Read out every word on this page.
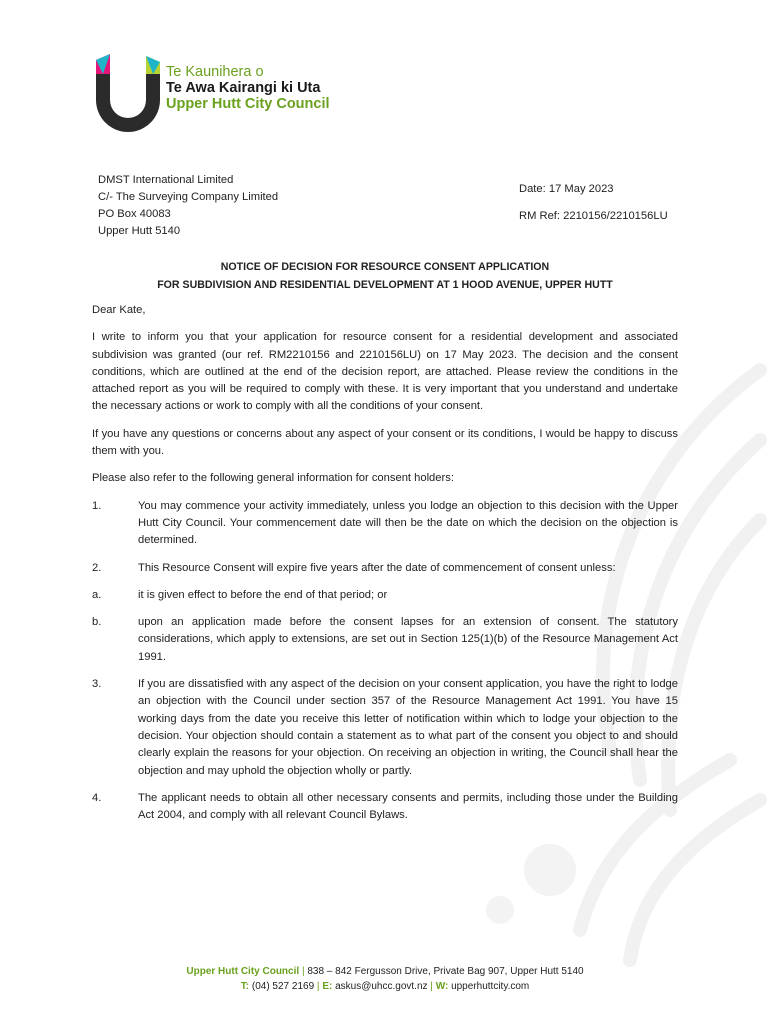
Te Kaunihera o
Te Awa Kairangi ki Uta
Upper Hutt City Council
DMST International Limited
C/- The Surveying Company Limited
PO Box 40083
Upper Hutt 5140
Date: 17 May 2023
RM Ref: 2210156/2210156LU
NOTICE OF DECISION FOR RESOURCE CONSENT APPLICATION
FOR SUBDIVISION AND RESIDENTIAL DEVELOPMENT AT 1 HOOD AVENUE, UPPER HUTT

Dear Kate,

I write to inform you that your application for resource consent for a residential development and associated subdivision was granted (our ref. RM2210156 and 2210156LU) on 17 May 2023. The decision and the consent conditions, which are outlined at the end of the decision report, are attached. Please review the conditions in the attached report as you will be required to comply with these. It is very important that you understand and undertake the necessary actions or work to comply with all the conditions of your consent.

If you have any questions or concerns about any aspect of your consent or its conditions, I would be happy to discuss them with you.

Please also refer to the following general information for consent holders:

1.	You may commence your activity immediately, unless you lodge an objection to this decision with the Upper Hutt City Council. Your commencement date will then be the date on which the decision on the objection is determined.
2.	This Resource Consent will expire five years after the date of commencement of consent unless:
a.	it is given effect to before the end of that period; or
b.	upon an application made before the consent lapses for an extension of consent. The statutory considerations, which apply to extensions, are set out in Section 125(1)(b) of the Resource Management Act 1991.
3.	If you are dissatisfied with any aspect of the decision on your consent application, you have the right to lodge an objection with the Council under section 357 of the Resource Management Act 1991. You have 15 working days from the date you receive this letter of notification within which to lodge your objection to the decision. Your objection should contain a statement as to what part of the consent you object to and should clearly explain the reasons for your objection. On receiving an objection in writing, the Council shall hear the objection and may uphold the objection wholly or partly.
4.	The applicant needs to obtain all other necessary consents and permits, including those under the Building Act 2004, and comply with all relevant Council Bylaws.
Upper Hutt City Council | 838 – 842 Fergusson Drive, Private Bag 907, Upper Hutt 5140
T: (04) 527 2169 | E: askus@uhcc.govt.nz | W: upperhuttcity.com
